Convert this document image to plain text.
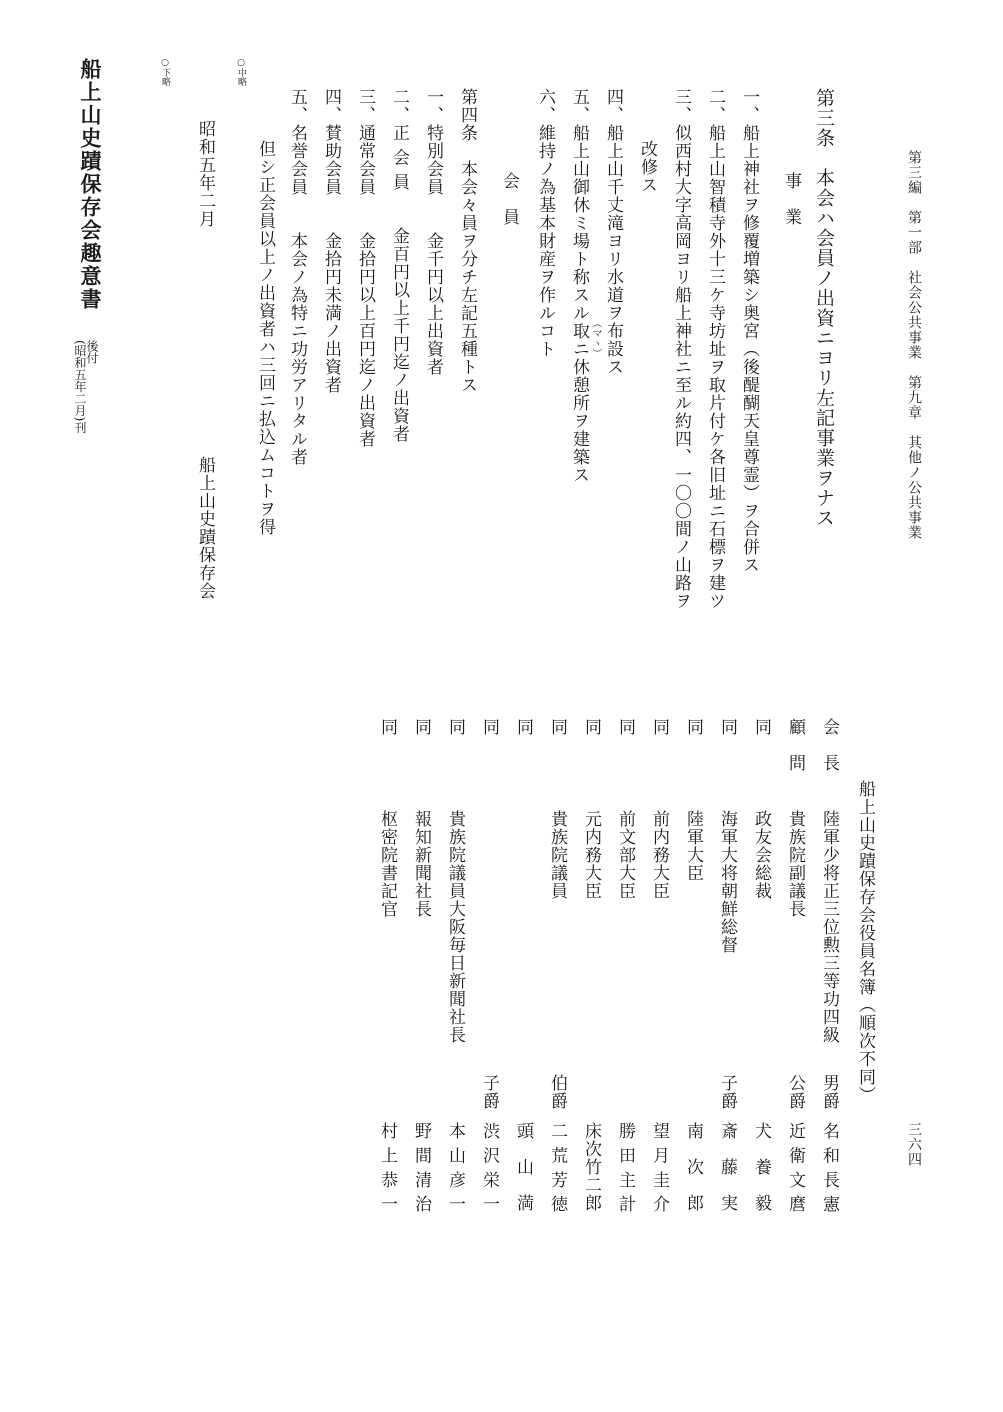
第三編　第一部　社会公共事業　第九章　其他ノ公共事業
三六四
第三条　本会ハ会員ノ出資ニヨリ左記事業ヲナス
事　業
一、船上神社ヲ修覆増築シ奥宮（後醍醐天皇尊霊）ヲ合併ス
二、船上山智積寺外十三ケ寺坊址ヲ取片付ケ各旧址ニ石標ヲ建ツ
三、似西村大字高岡ヨリ船上神社ニ至ル約四、一〇〇間ノ山路ヲ
改修ス
四、船上山千丈滝ヨリ水道ヲ布設ス
五、船上山御休ミ場ト称スル取ニ休憩所ヲ建築ス
（マヽ）
六、維持ノ為基本財産ヲ作ルコト
会　員
第四条　本会々員ヲ分チ左記五種トス
一、特別会員　　金千円以上出資者
二、正 会 員　　金百円以上千円迄ノ出資者
三、通常会員　　金拾円以上百円迄ノ出資者
四、賛助会員　　金拾円未満ノ出資者
五、名誉会員　　本会ノ為特ニ功労アリタル者
但シ正会員以上ノ出資者ハ三回ニ払込ムコトヲ得
○中略
昭和五年二月
船上山史蹟保存会
○下略
船上山史蹟保存会趣意書
後付
(昭和五年二月)刊
船上山史蹟保存会役員名簿（順次不同）
会　長
陸軍少将正三位勲三等功四級
男爵
名 和 長 憲
顧　問
貴族院副議長
公爵
近 衛 文 麿
同
政友会総裁
犬　養　毅
同
海軍大将朝鮮総督
子爵
斎　藤　実
同
陸軍大臣
南　次　郎
同
前内務大臣
望 月 圭 介
同
前文部大臣
勝 田 主 計
同
元内務大臣
床次竹二郎
同
貴族院議員
伯爵
二 荒 芳 徳
同
頭　山　満
同
子爵
渋 沢 栄 一
同
貴族院議員大阪毎日新聞社長
本 山 彦 一
同
報知新聞社長
野 間 清 治
同
枢密院書記官
村 上 恭 一
